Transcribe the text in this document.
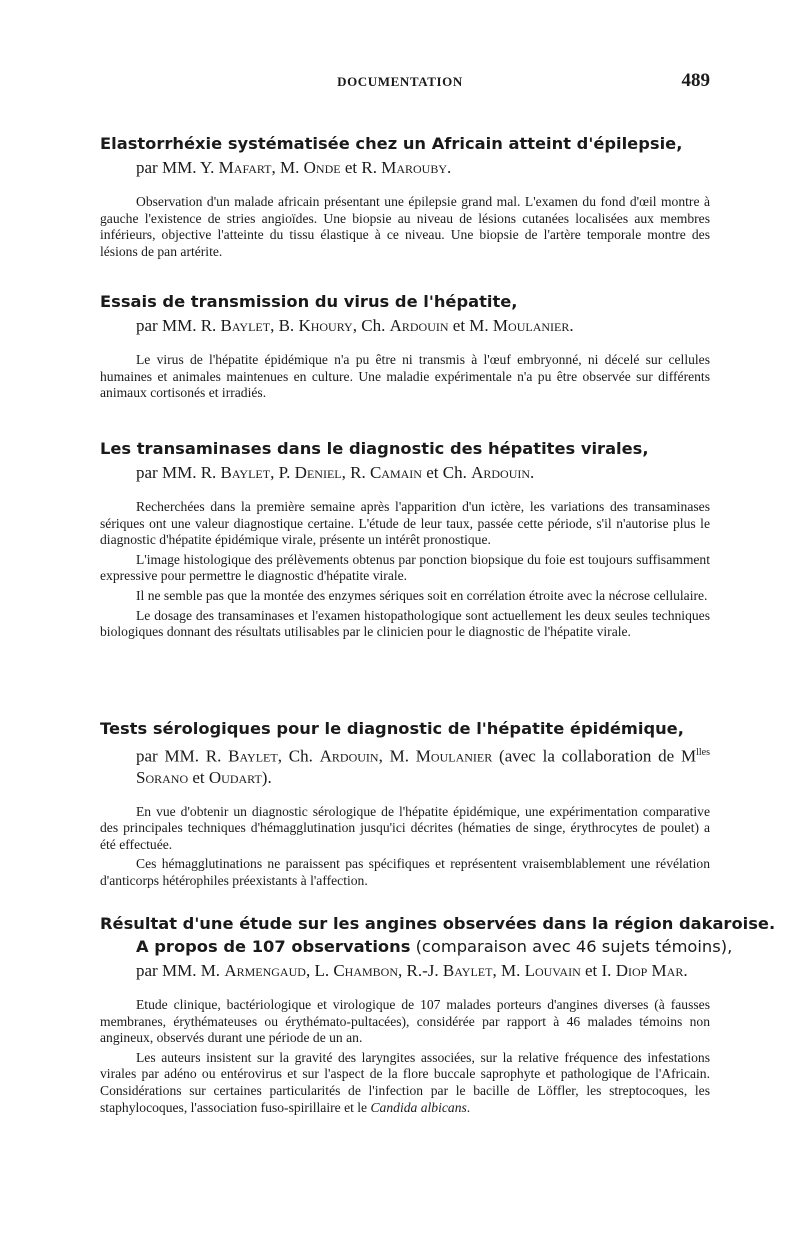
DOCUMENTATION	489
Elastorrhéxie systématisée chez un Africain atteint d'épilepsie,
par MM. Y. Mafart, M. Onde et R. Marouby.

Observation d'un malade africain présentant une épilepsie grand mal. L'examen du fond d'œil montre à gauche l'existence de stries angioïdes. Une biopsie au niveau de lésions cutanées localisées aux membres inférieurs, objective l'atteinte du tissu élastique à ce niveau. Une biopsie de l'artère temporale montre des lésions de pan artérite.

Essais de transmission du virus de l'hépatite,
par MM. R. Baylet, B. Khoury, Ch. Ardouin et M. Moulanier.

Le virus de l'hépatite épidémique n'a pu être ni transmis à l'œuf embryonné, ni décelé sur cellules humaines et animales maintenues en culture. Une maladie expérimentale n'a pu être observée sur différents animaux cortisonés et irradiés.

Les transaminases dans le diagnostic des hépatites virales,
par MM. R. Baylet, P. Deniel, R. Camain et Ch. Ardouin.

Recherchées dans la première semaine après l'apparition d'un ictère, les variations des transaminases sériques ont une valeur diagnostique certaine. L'étude de leur taux, passée cette période, s'il n'autorise plus le diagnostic d'hépatite épidémique virale, présente un intérêt pronostique.

L'image histologique des prélèvements obtenus par ponction biopsique du foie est toujours suffisamment expressive pour permettre le diagnostic d'hépatite virale.

Il ne semble pas que la montée des enzymes sériques soit en corrélation étroite avec la nécrose cellulaire.

Le dosage des transaminases et l'examen histopathologique sont actuellement les deux seules techniques biologiques donnant des résultats utilisables par le clinicien pour le diagnostic de l'hépatite virale.

Tests sérologiques pour le diagnostic de l'hépatite épidémique,
par MM. R. Baylet, Ch. Ardouin, M. Moulanier (avec la collaboration de $M^{lles}$ Sorano et Oudart).

En vue d'obtenir un diagnostic sérologique de l'hépatite épidémique, une expérimentation comparative des principales techniques d'hémagglutination jusqu'ici décrites (hématies de singe, érythrocytes de poulet) a été effectuée.

Ces hémagglutinations ne paraissent pas spécifiques et représentent vraisemblablement une révélation d'anticorps hétérophiles préexistants à l'affection.

Résultat d'une étude sur les angines observées dans la région dakaroise.
A propos de 107 observations (comparaison avec 46 sujets témoins),
par MM. M. Armengaud, L. Chambon, R.-J. Baylet, M. Louvain et I. Diop Mar.

Etude clinique, bactériologique et virologique de 107 malades porteurs d'angines diverses (à fausses membranes, érythémateuses ou érythémato-pultacées), considérée par rapport à 46 malades témoins non angineux, observés durant une période de un an.

Les auteurs insistent sur la gravité des laryngites associées, sur la relative fréquence des infestations virales par adéno ou entérovirus et sur l'aspect de la flore buccale saprophyte et pathologique de l'Africain. Considérations sur certaines particularités de l'infection par le bacille de Löffler, les streptocoques, les staphylocoques, l'association fuso-spirillaire et le Candida albicans.
